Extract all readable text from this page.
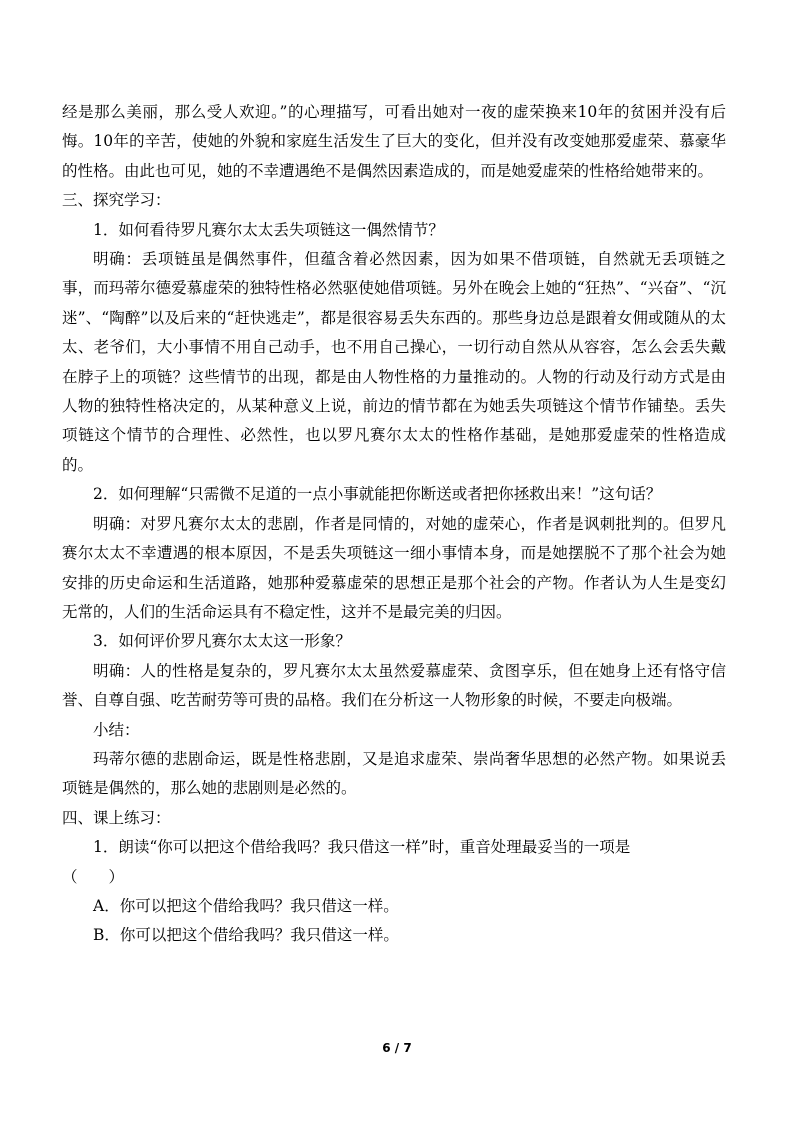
经是那么美丽，那么受人欢迎。”的心理描写，可看出她对一夜的虚荣换来10年的贫困并没有后悔。10年的辛苦，使她的外貌和家庭生活发生了巨大的变化，但并没有改变她那爱虚荣、慕豪华的性格。由此也可见，她的不幸遭遇绝不是偶然因素造成的，而是她爱虚荣的性格给她带来的。

三、探究学习：

1．如何看待罗凡赛尔太太丢失项链这一偶然情节？

明确：丢项链虽是偶然事件，但蕴含着必然因素，因为如果不借项链，自然就无丢项链之事，而玛蒂尔德爱慕虚荣的独特性格必然驱使她借项链。另外在晚会上她的“狂热”、“兴奋”、“沉迷”、“陶醉”以及后来的“赶快逃走”，都是很容易丢失东西的。那些身边总是跟着女佣或随从的太太、老爷们，大小事情不用自己动手，也不用自己操心，一切行动自然从从容容，怎么会丢失戴在脖子上的项链？这些情节的出现，都是由人物性格的力量推动的。人物的行动及行动方式是由人物的独特性格决定的，从某种意义上说，前边的情节都在为她丢失项链这个情节作铺垫。丢失项链这个情节的合理性、必然性，也以罗凡赛尔太太的性格作基础，是她那爱虚荣的性格造成的。

2．如何理解“只需微不足道的一点小事就能把你断送或者把你拯救出来！”这句话？

明确：对罗凡赛尔太太的悲剧，作者是同情的，对她的虚荣心，作者是讽刺批判的。但罗凡赛尔太太不幸遭遇的根本原因，不是丢失项链这一细小事情本身，而是她摆脱不了那个社会为她安排的历史命运和生活道路，她那种爱慕虚荣的思想正是那个社会的产物。作者认为人生是变幻无常的，人们的生活命运具有不稳定性，这并不是最完美的归因。

3．如何评价罗凡赛尔太太这一形象？

明确：人的性格是复杂的，罗凡赛尔太太虽然爱慕虚荣、贪图享乐，但在她身上还有恪守信誉、自尊自强、吃苦耐劳等可贵的品格。我们在分析这一人物形象的时候，不要走向极端。

小结：

玛蒂尔德的悲剧命运，既是性格悲剧，又是追求虚荣、崇尚奢华思想的必然产物。如果说丢项链是偶然的，那么她的悲剧则是必然的。

四、课上练习：

1．朗读“你可以把这个借给我吗？我只借这一样”时，重音处理最妥当的一项是

（　　）

A．你可以把这个借给我吗？我只借这一样。

B．你可以把这个借给我吗？我只借这一样。

6 / 7
